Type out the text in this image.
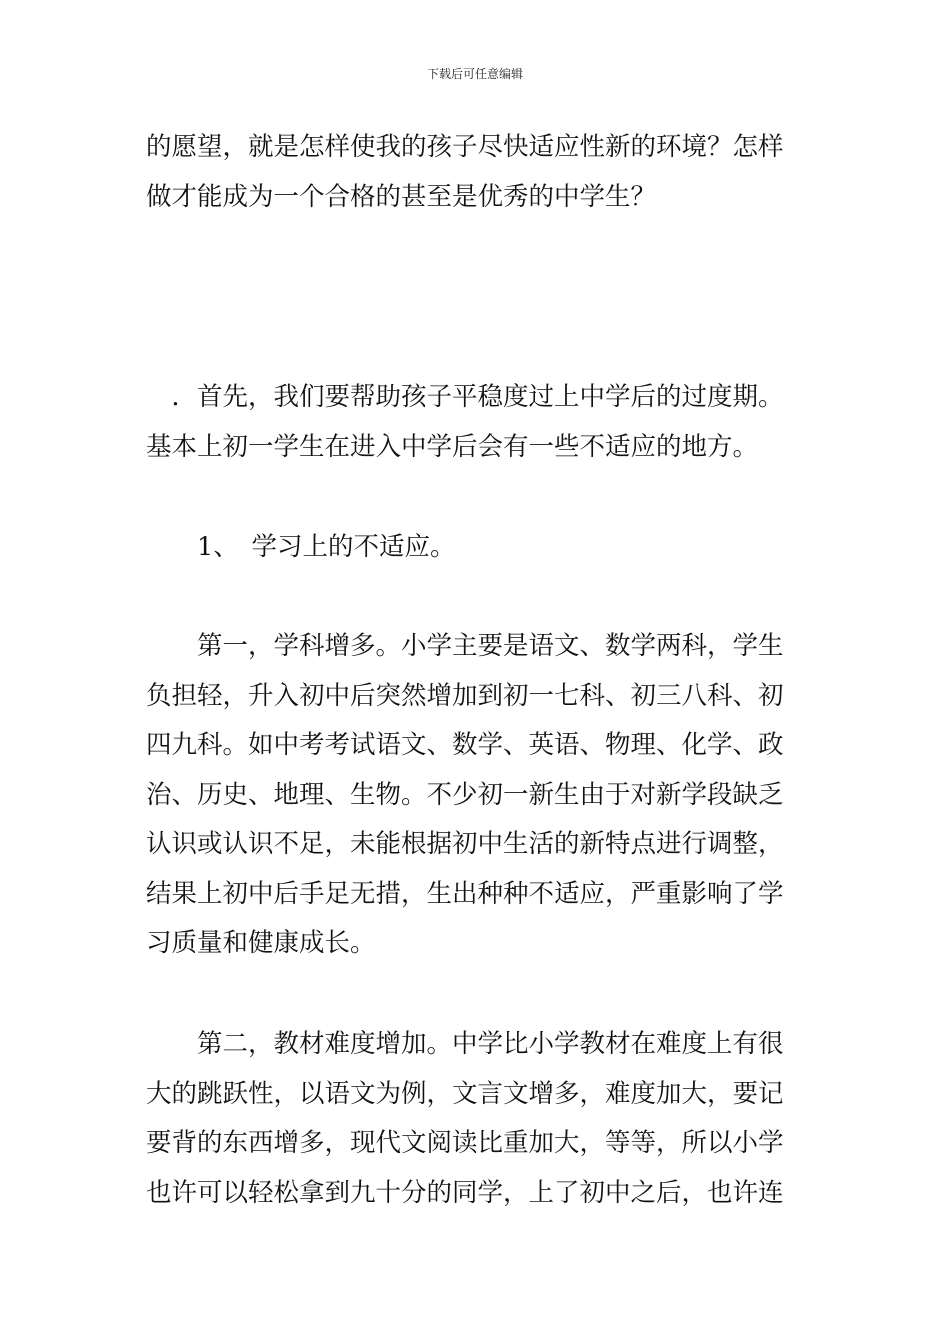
下载后可任意编辑
的愿望，就是怎样使我的孩子尽快适应性新的环境？怎样
做才能成为一个合格的甚至是优秀的中学生？
　．首先，我们要帮助孩子平稳度过上中学后的过度期。
基本上初一学生在进入中学后会有一些不适应的地方。
　　1、　学习上的不适应。
　　第一，学科增多。小学主要是语文、数学两科，学生
负担轻，升入初中后突然增加到初一七科、初三八科、初
四九科。如中考考试语文、数学、英语、物理、化学、政
治、历史、地理、生物。不少初一新生由于对新学段缺乏
认识或认识不足，未能根据初中生活的新特点进行调整，
结果上初中后手足无措，生出种种不适应，严重影响了学
习质量和健康成长。
　　第二，教材难度增加。中学比小学教材在难度上有很
大的跳跃性，以语文为例，文言文增多，难度加大，要记
要背的东西增多，现代文阅读比重加大，等等，所以小学
也许可以轻松拿到九十分的同学，上了初中之后，也许连
